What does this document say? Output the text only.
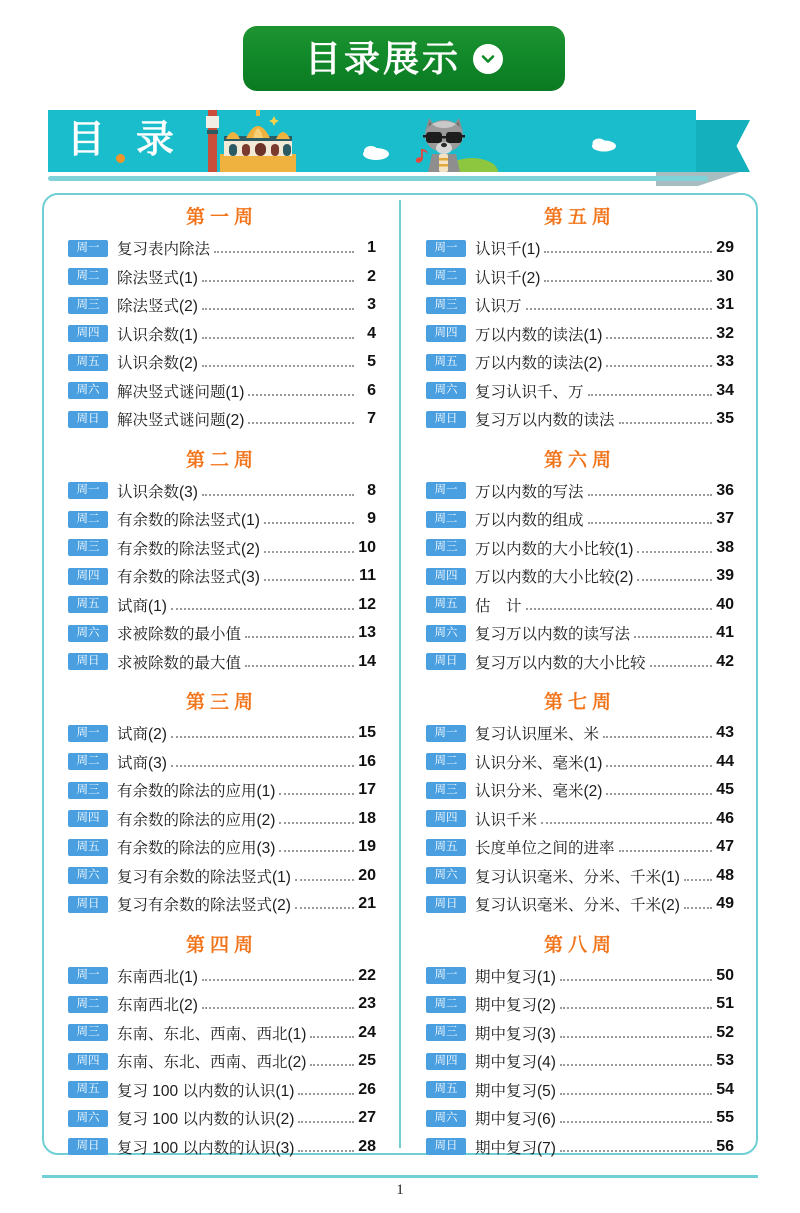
目录展示
目 录
第一周
周一	复习表内除法	1
周二	除法竖式(1)	2
周三	除法竖式(2)	3
周四	认识余数(1)	4
周五	认识余数(2)	5
周六	解决竖式谜问题(1)	6
周日	解决竖式谜问题(2)	7
第二周
周一	认识余数(3)	8
周二	有余数的除法竖式(1)	9
周三	有余数的除法竖式(2)	10
周四	有余数的除法竖式(3)	11
周五	试商(1)	12
周六	求被除数的最小值	13
周日	求被除数的最大值	14
第三周
周一	试商(2)	15
周二	试商(3)	16
周三	有余数的除法的应用(1)	17
周四	有余数的除法的应用(2)	18
周五	有余数的除法的应用(3)	19
周六	复习有余数的除法竖式(1)	20
周日	复习有余数的除法竖式(2)	21
第四周
周一	东南西北(1)	22
周二	东南西北(2)	23
周三	东南、东北、西南、西北(1)	24
周四	东南、东北、西南、西北(2)	25
周五	复习 100 以内数的认识(1)	26
周六	复习 100 以内数的认识(2)	27
周日	复习 100 以内数的认识(3)	28
第五周
周一	认识千(1)	29
周二	认识千(2)	30
周三	认识万	31
周四	万以内数的读法(1)	32
周五	万以内数的读法(2)	33
周六	复习认识千、万	34
周日	复习万以内数的读法	35
第六周
周一	万以内数的写法	36
周二	万以内数的组成	37
周三	万以内数的大小比较(1)	38
周四	万以内数的大小比较(2)	39
周五	估　计	40
周六	复习万以内数的读写法	41
周日	复习万以内数的大小比较	42
第七周
周一	复习认识厘米、米	43
周二	认识分米、毫米(1)	44
周三	认识分米、毫米(2)	45
周四	认识千米	46
周五	长度单位之间的进率	47
周六	复习认识毫米、分米、千米(1) 48
周日	复习认识毫米、分米、千米(2) 49
第八周
周一	期中复习(1)	50
周二	期中复习(2)	51
周三	期中复习(3)	52
周四	期中复习(4)	53
周五	期中复习(5)	54
周六	期中复习(6)	55
周日	期中复习(7)	56
1
